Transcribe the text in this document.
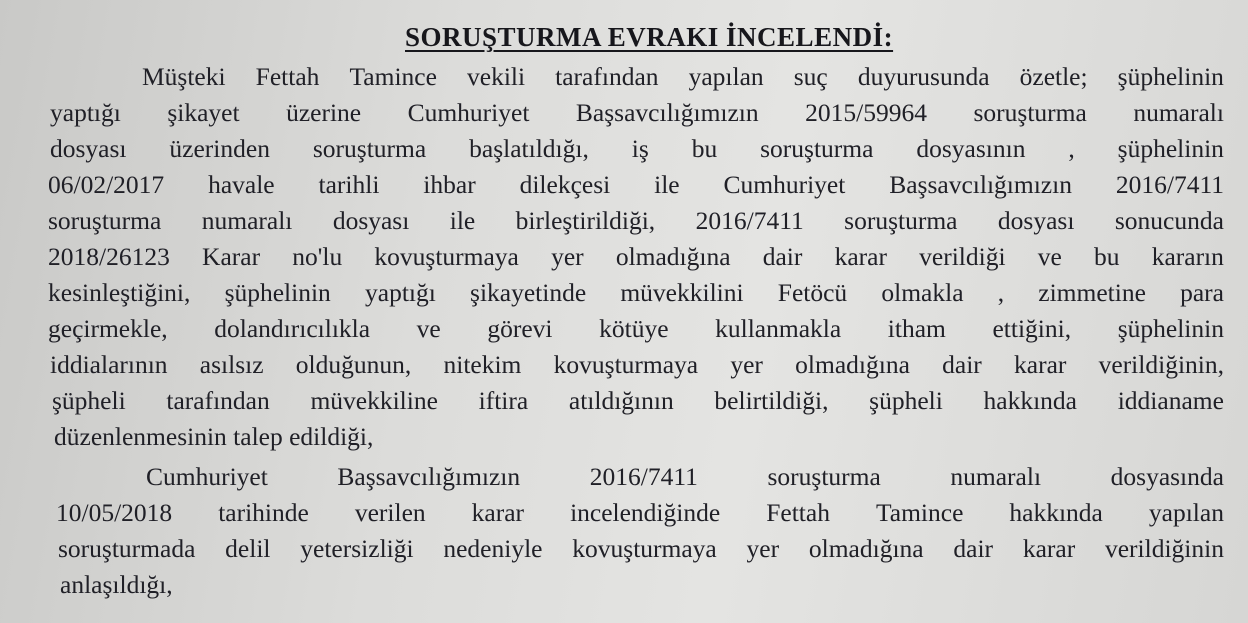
SORUŞTURMA EVRAKI İNCELENDİ:
Müşteki Fettah Tamince vekili tarafından yapılan suç duyurusunda özetle; şüphelinin
yaptığı şikayet üzerine Cumhuriyet Başsavcılığımızın 2015/59964 soruşturma numaralı
dosyası üzerinden soruşturma başlatıldığı, iş bu soruşturma dosyasının , şüphelinin
06/02/2017 havale tarihli ihbar dilekçesi ile Cumhuriyet Başsavcılığımızın 2016/7411
soruşturma numaralı dosyası ile birleştirildiği, 2016/7411 soruşturma dosyası sonucunda
2018/26123 Karar no'lu kovuşturmaya yer olmadığına dair karar verildiği ve bu kararın
kesinleştiğini, şüphelinin yaptığı şikayetinde müvekkilini Fetöcü olmakla , zimmetine para
geçirmekle, dolandırıcılıkla ve görevi kötüye kullanmakla itham ettiğini, şüphelinin
iddialarının asılsız olduğunun, nitekim kovuşturmaya yer olmadığına dair karar verildiğinin,
şüpheli tarafından müvekkiline iftira atıldığının belirtildiği, şüpheli hakkında iddianame
düzenlenmesinin talep edildiği,
Cumhuriyet	Başsavcılığımızın	2016/7411	soruşturma	numaralı	dosyasında
10/05/2018 tarihinde verilen karar incelendiğinde Fettah Tamince hakkında yapılan
soruşturmada delil yetersizliği nedeniyle kovuşturmaya yer olmadığına dair karar verildiğinin
anlaşıldığı,
